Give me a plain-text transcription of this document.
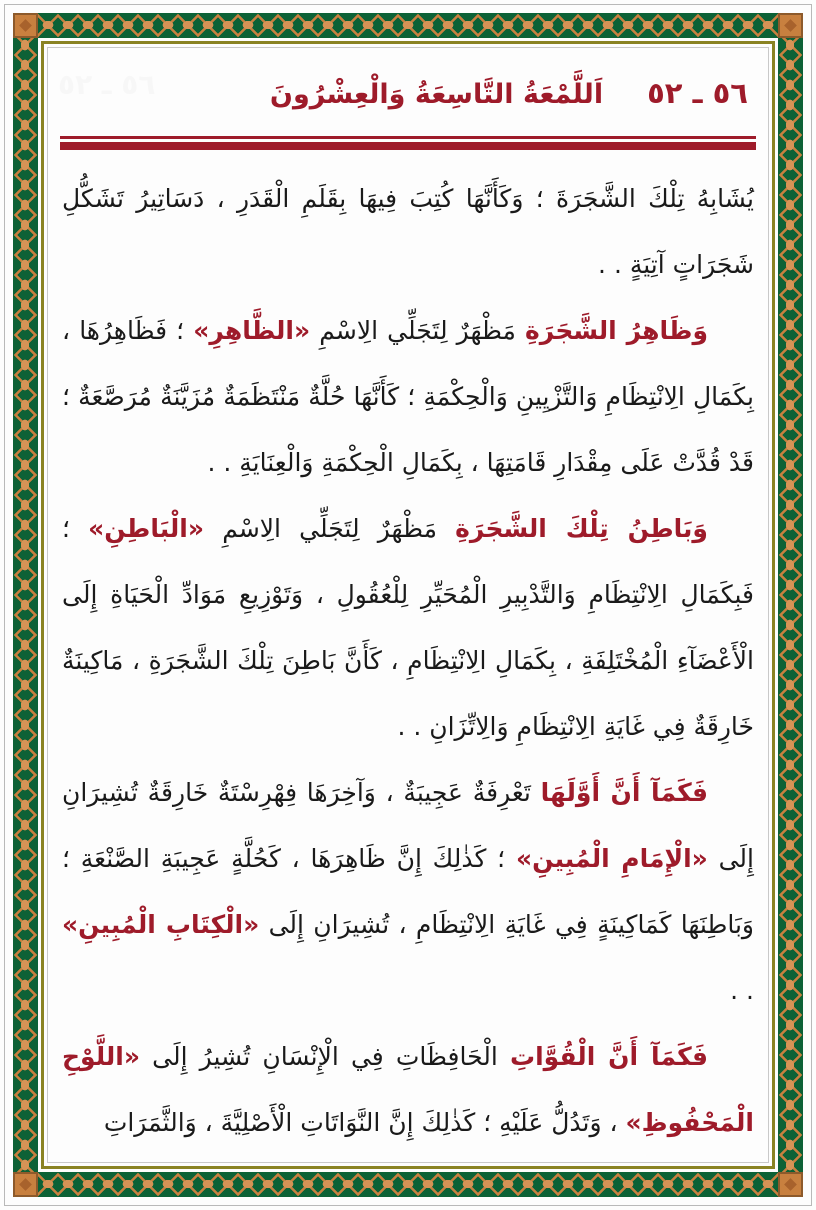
٥٦ ـ ٥٢	٥٦ ـ ٥٢
اَللَّمْعَةُ التَّاسِعَةُ وَالْعِشْرُونَ
يُشَابِهُ تِلْكَ الشَّجَرَةَ ؛ وَكَأَنَّهَا كُتِبَ فِيهَا بِقَلَمِ الْقَدَرِ ، دَسَاتِيرُ تَشَكُّلِ شَجَرَاتٍ آتِيَةٍ . .
وَظَاهِرُ الشَّجَرَةِ مَظْهَرٌ لِتَجَلِّي الِاسْمِ «الظَّاهِرِ» ؛ فَظَاهِرُهَا ، بِكَمَالِ الِانْتِظَامِ وَالتَّزْيِينِ وَالْحِكْمَةِ ؛ كَأَنَّهَا حُلَّةٌ مَنْتَظَمَةٌ مُزَيَّنَةٌ مُرَصَّعَةٌ ؛ قَدْ قُدَّتْ عَلَى مِقْدَارِ قَامَتِهَا ، بِكَمَالِ الْحِكْمَةِ وَالْعِنَايَةِ . .
وَبَاطِنُ تِلْكَ الشَّجَرَةِ مَظْهَرٌ لِتَجَلِّي الِاسْمِ «الْبَاطِنِ» ؛ فَبِكَمَالِ الِانْتِظَامِ وَالتَّدْبِيرِ الْمُحَيِّرِ لِلْعُقُولِ ، وَتَوْزِيعِ مَوَادِّ الْحَيَاةِ إِلَى الْأَعْضَآءِ الْمُخْتَلِفَةِ ، بِكَمَالِ الِانْتِظَامِ ، كَأَنَّ بَاطِنَ تِلْكَ الشَّجَرَةِ ، مَاكِينَةٌ خَارِقَةٌ فِي غَايَةِ الِانْتِظَامِ وَالِاتِّزَانِ . .
فَكَمَآ أَنَّ أَوَّلَهَا تَعْرِفَةٌ عَجِيبَةٌ ، وَآخِرَهَا فِهْرِسْتَةٌ خَارِقَةٌ تُشِيرَانِ إِلَى «الْإِمَامِ الْمُبِينِ» ؛ كَذٰلِكَ إِنَّ ظَاهِرَهَا ، كَحُلَّةٍ عَجِيبَةِ الصَّنْعَةِ ؛ وَبَاطِنَهَا كَمَاكِينَةٍ فِي غَايَةِ الِانْتِظَامِ ، تُشِيرَانِ إِلَى «الْكِتَابِ الْمُبِينِ» . .
فَكَمَآ أَنَّ الْقُوَّاتِ الْحَافِظَاتِ فِي الْإِنْسَانِ تُشِيرُ إِلَى «اللَّوْحِ الْمَحْفُوظِ» ، وَتَدُلُّ عَلَيْهِ ؛ كَذٰلِكَ إِنَّ النَّوَاتَاتِ الْأَصْلِيَّةَ ، وَالثَّمَرَاتِ
